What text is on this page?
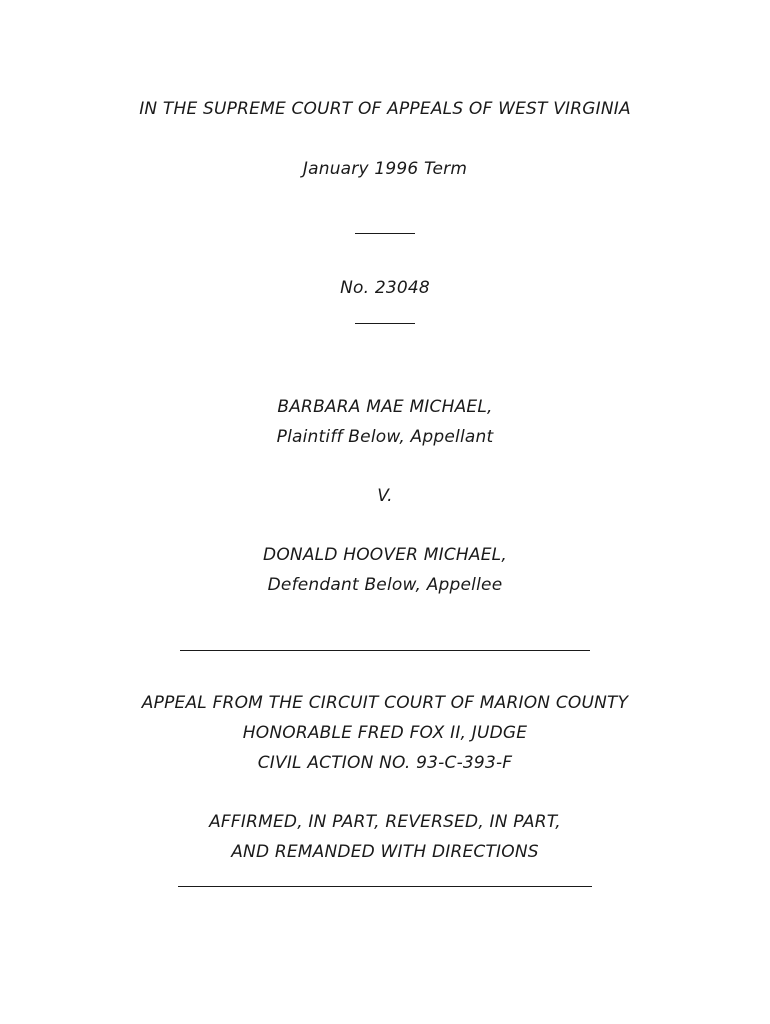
IN THE SUPREME COURT OF APPEALS OF WEST VIRGINIA
January 1996 Term
No. 23048
BARBARA MAE MICHAEL,
Plaintiff Below, Appellant
V.
DONALD HOOVER MICHAEL,
Defendant Below, Appellee
APPEAL FROM THE CIRCUIT COURT OF MARION COUNTY
HONORABLE FRED FOX II, JUDGE
CIVIL ACTION NO. 93-C-393-F
AFFIRMED, IN PART, REVERSED, IN PART,
AND REMANDED WITH DIRECTIONS
